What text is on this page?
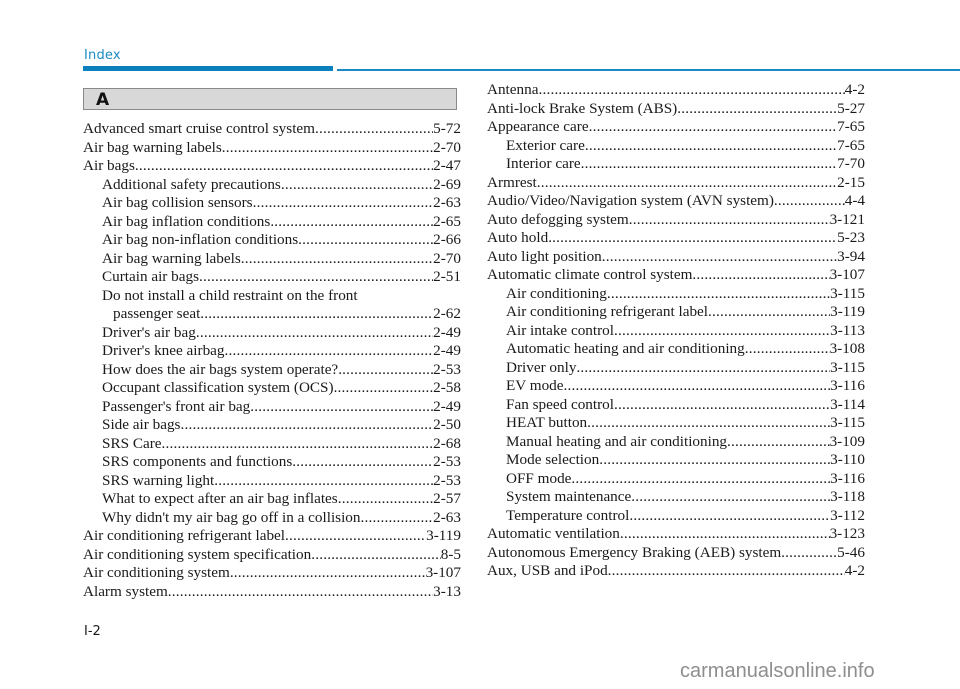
Index
A
Advanced smart cruise control system .....	5-72
Air bag warning labels .....	2-70
Air bags .....	2-47
Additional safety precautions .....	2-69
Air bag collision sensors .....	2-63
Air bag inflation conditions .....	2-65
Air bag non-inflation conditions .....	2-66
Air bag warning labels .....	2-70
Curtain air bags .....	2-51
Do not install a child restraint on the front
passenger seat .....	2-62
Driver's air bag .....	2-49
Driver's knee airbag .....	2-49
How does the air bags system operate? .....	2-53
Occupant classification system (OCS) .....	2-58
Passenger's front air bag .....	2-49
Side air bags .....	2-50
SRS Care .....	2-68
SRS components and functions .....	2-53
SRS warning light .....	2-53
What to expect after an air bag inflates .....	2-57
Why didn't my air bag go off in a collision .....	2-63
Air conditioning refrigerant label .....	3-119
Air conditioning system specification .....	8-5
Air conditioning system .....	3-107
Alarm system .....	3-13
Antenna .....	4-2
Anti-lock Brake System (ABS) .....	5-27
Appearance care .....	7-65
Exterior care .....	7-65
Interior care .....	7-70
Armrest .....	2-15
Audio/Video/Navigation system (AVN system) .....	4-4
Auto defogging system .....	3-121
Auto hold .....	5-23
Auto light position .....	3-94
Automatic climate control system .....	3-107
Air conditioning .....	3-115
Air conditioning refrigerant label .....	3-119
Air intake control .....	3-113
Automatic heating and air conditioning .....	3-108
Driver only .....	3-115
EV mode .....	3-116
Fan speed control .....	3-114
HEAT button .....	3-115
Manual heating and air conditioning .....	3-109
Mode selection .....	3-110
OFF mode .....	3-116
System maintenance .....	3-118
Temperature control .....	3-112
Automatic ventilation .....	3-123
Autonomous Emergency Braking (AEB) system .....	5-46
Aux, USB and iPod .....	4-2
I-2
carmanualsonline.info
